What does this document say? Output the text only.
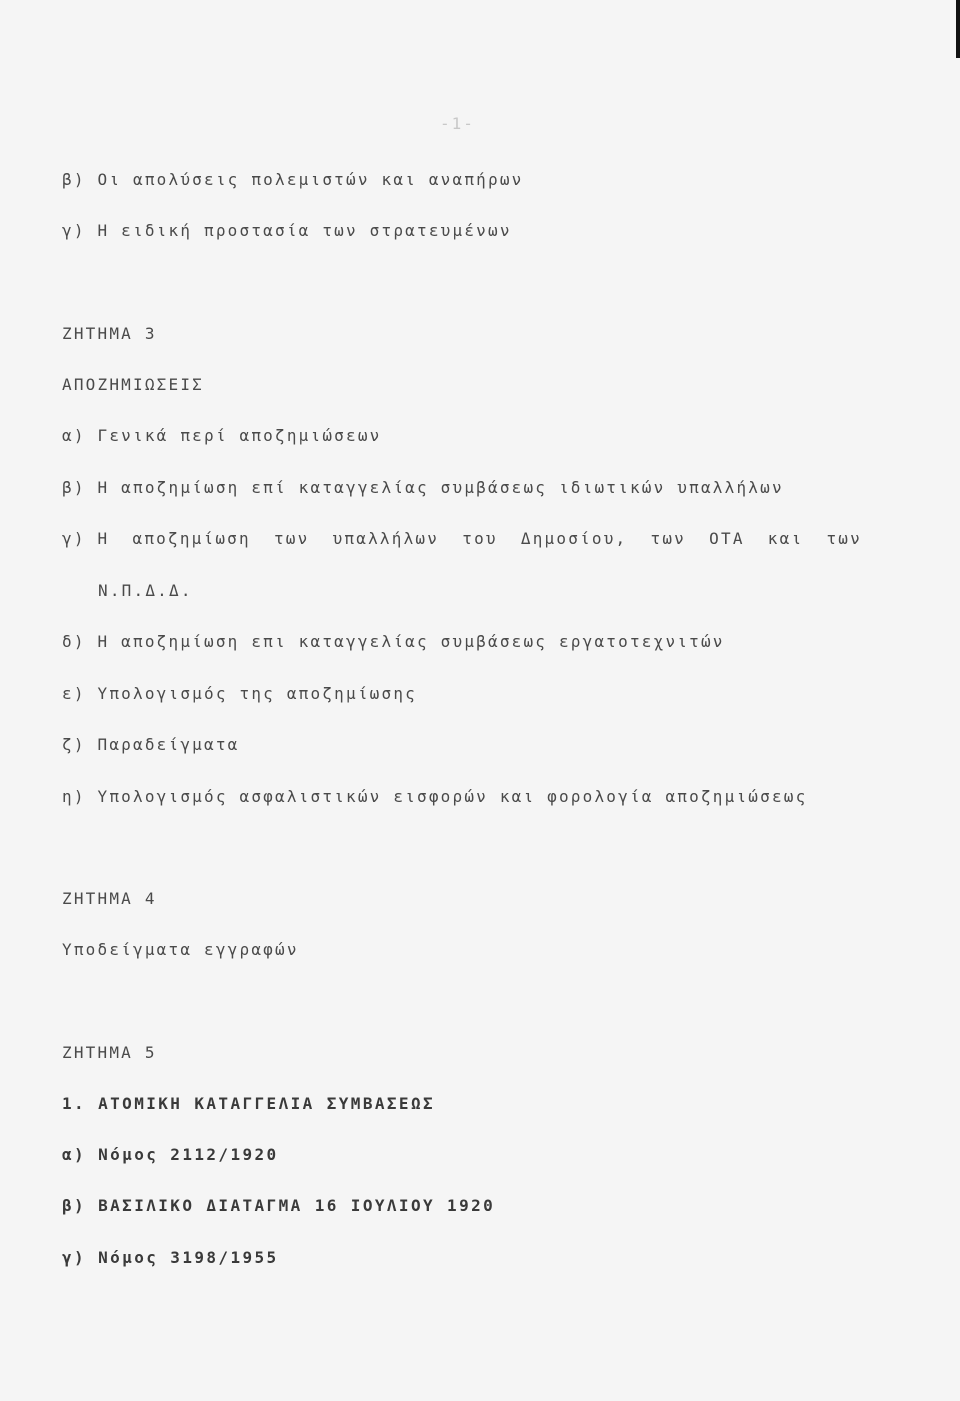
-1-
β) Οι απολύσεις πολεμιστών και αναπήρων
γ) Η ειδική προστασία των στρατευμένων
ΖΗΤΗΜΑ 3
ΑΠΟΖΗΜΙΩΣΕΙΣ
α) Γενικά περί αποζημιώσεων
β) Η αποζημίωση επί καταγγελίας συμβάσεως ιδιωτικών υπαλλήλων
γ) Η αποζημίωση των υπαλλήλων του Δημοσίου, των ΟΤΑ και των
Ν.Π.Δ.Δ.
δ) Η αποζημίωση επι καταγγελίας συμβάσεως εργατοτεχνιτών
ε) Υπολογισμός της αποζημίωσης
ζ) Παραδείγματα
η) Υπολογισμός ασφαλιστικών εισφορών και φορολογία αποζημιώσεως
ΖΗΤΗΜΑ 4
Υποδείγματα εγγραφών
ΖΗΤΗΜΑ 5
1. ΑΤΟΜΙΚΗ ΚΑΤΑΓΓΕΛΙΑ ΣΥΜΒΑΣΕΩΣ
α) Νόμος 2112/1920
β) ΒΑΣΙΛΙΚΟ ΔΙΑΤΑΓΜΑ 16 ΙΟΥΛΙΟΥ 1920
γ) Νόμος 3198/1955
